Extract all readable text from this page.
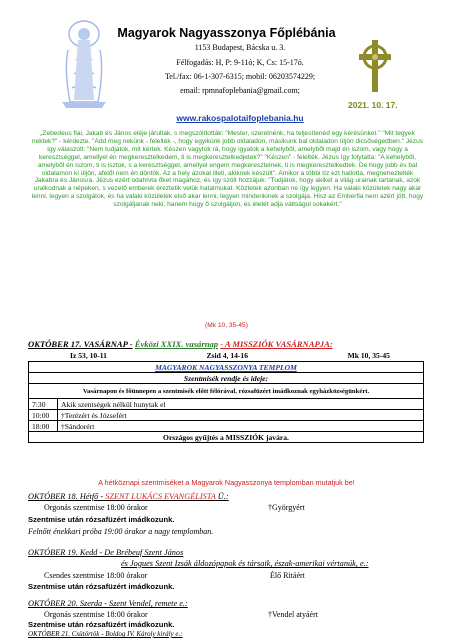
Magyarok Nagyasszonya Főplébánia
1153 Budapest, Bácska u. 3.
Félfogadás: H, P: 9-11ó; K, Cs: 15-17ó.
Tel./fax: 06-1-307-6315; mobil: 06203574229;
email: rpmnafoplebania@gmail.com;
2021. 10. 17.
www.rakospalotaifoplebania.hu
„Zebedeus fiai, Jakab és János eléje járultak, s megszólították: "Mester, szeretnénk, ha teljesítenéd egy kérésünket." "Mit tegyek nektek?" - kérdezte. "Add meg nekünk - felelték -, hogy egyikünk jobb oldaladon, másikunk bal oldaladon üljön dicsőségedben." Jézus így válaszolt: "Nem tudjátok, mit kértek. Készen vagytok rá, hogy igyatok a kehelyből, amelyből majd én iszom, vagy hogy a keresztséggel, amellyel én megkeresztelkedem, ti is megkeresztelkedjetek?" "Készen" - felelték. Jézus így folytatta: "A kehelyből, amelyből én iszom, ti is isztok, s a keresztséggel, amellyel engem megkeresztelnek, ti is megkeresztelkedtek. De hogy jobb és bal oldalamon ki üljön, afelől nem én döntök. Az a hely azokat illeti, akiknek készült". Amikor a többi tíz ezt hallotta, megneheztelték Jakabra és Jánosra. Jézus ezért odahívta őket magához, és így szólt hozzájuk: "Tudjátok, hogy akiket a világ urainak tartanak, azok uralkodnak a népeken, s vezető emberek éreztetik velük hatalmukat. Köztetek azonban ne így legyen. Ha valaki közületek nagy akar lenni, legyen a szolgátok, és ha valaki közületek első akar lenni, legyen mindenkinek a szolgája. Hisz az Emberfia nem azért jött, hogy szolgáljanak neki, hanem hogy ő szolgáljon, és életét adja váltságul sokakért."
(Mk 10, 35-45)
OKTÓBER 17. VASÁRNAP - Évközi XXIX. vasárnap - A MISSZIÓK VASÁRNAPJA:
Iz 53, 10-11	Zsid 4, 14-16	Mk 10, 35-45
MAGYAROK NAGYASSZONYA TEMPLOM	
Szentmisék rendje és ideje:	
Vasárnapon és főünnepen a szentmisék előtt félórával, rózsafüzért imádkoznak egyházközségünkért.	
7:30	Akik szentségek nélkül hunytak el
10:00	†Terézért és Józsefért
18:00	†Sándorért
Országos gyűjtés a MISSZIÓK javára.	
A hétköznapi szentmiséket a Magyarok Nagyasszonya templomban mutatjuk be!
OKTÓBER 18. Hétfő - SZENT LUKÁCS EVANGÉLISTA Ü.:
Orgonás szentmise 18:00 órakor	†Györgyért
Szentmise után rózsafüzért imádkozunk.
Felnőtt énekkari próba 19:00 órakor a nagy templomban.
OKTÓBER 19. Kedd - De Brébeuf Szent János
és Jogues Szent Izsák áldozópapok és társaik, észak-amerikai vértanúk, e.:
Csendes szentmise 18:00 órakor	Élő Ritáért
Szentmise után rózsafüzért imádkozunk.
OKTÓBER 20. Szerda - Szent Vendel, remete e.:
Orgonás szentmise 18:00 órakor	†Vendel atyáért
Szentmise után rózsafüzért imádkozunk.
OKTÓBER 21. Csütörtök - Boldog IV. Károly király e.:
